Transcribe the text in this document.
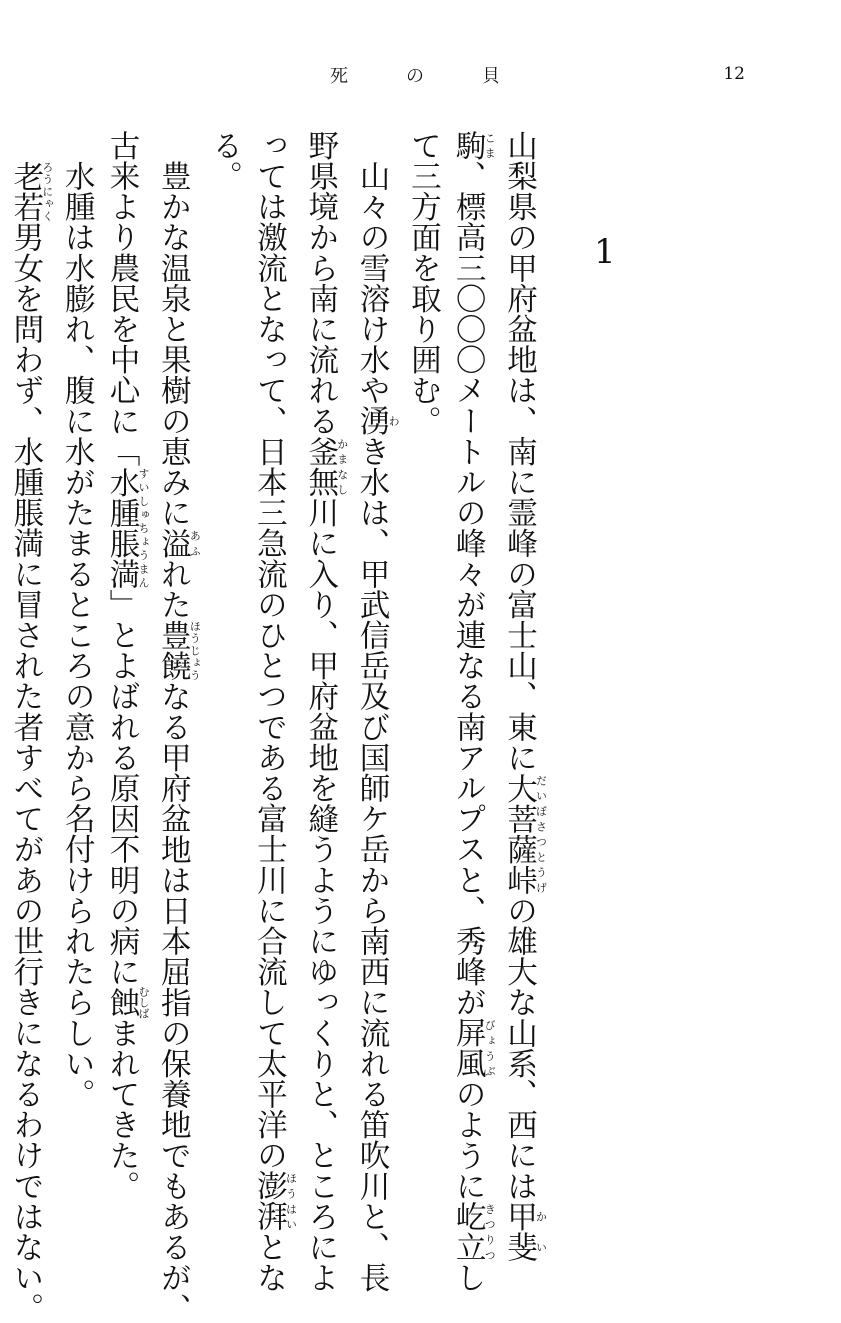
死	の	貝	12
1
山梨県の甲府盆地は、南に霊峰の富士山、東に大菩薩峠だいぼさつとうげの雄大な山系、西には甲斐かい
駒こま、標高三〇〇〇メートルの峰々が連なる南アルプスと、秀峰が屏風びょうぶのように屹立きつりつし
て三方面を取り囲む。
　山々の雪溶け水や湧わき水は、甲武信岳及び国師ケ岳から南西に流れる笛吹川と、長
野県境から南に流れる釜無かまなし川に入り、甲府盆地を縫うようにゆっくりと、ところによ
っては激流となって、日本三急流のひとつである富士川に合流して太平洋の澎湃ほうはいとな
る。
　豊かな温泉と果樹の恵みに溢あふれた豊饒ほうじょうなる甲府盆地は日本屈指の保養地でもあるが、
古来より農民を中心に「水腫脹満すいしゅちょうまん」とよばれる原因不明の病に蝕むしばまれてきた。
　水腫は水膨れ、腹に水がたまるところの意から名付けられたらしい。
　老若ろうにゃく男女を問わず、水腫脹満に冒された者すべてがあの世行きになるわけではない。
